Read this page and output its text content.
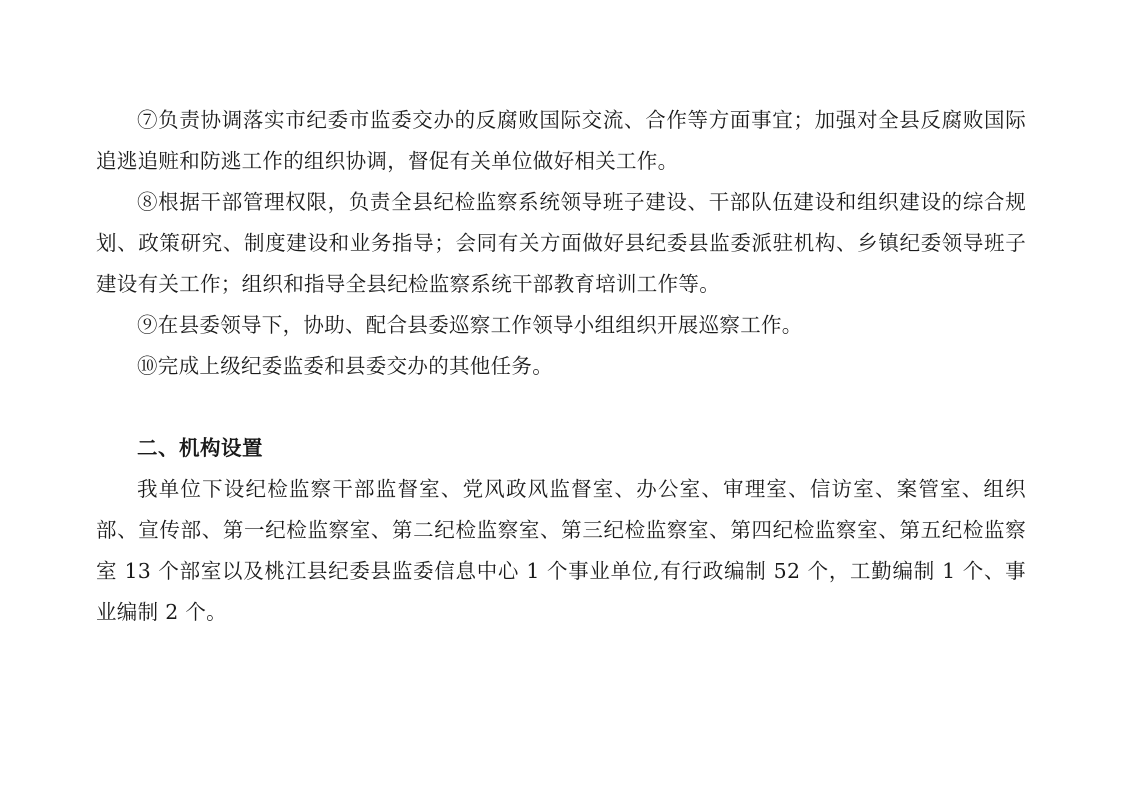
⑦负责协调落实市纪委市监委交办的反腐败国际交流、合作等方面事宜；加强对全县反腐败国际追逃追赃和防逃工作的组织协调，督促有关单位做好相关工作。

⑧根据干部管理权限，负责全县纪检监察系统领导班子建设、干部队伍建设和组织建设的综合规划、政策研究、制度建设和业务指导；会同有关方面做好县纪委县监委派驻机构、乡镇纪委领导班子建设有关工作；组织和指导全县纪检监察系统干部教育培训工作等。

⑨在县委领导下，协助、配合县委巡察工作领导小组组织开展巡察工作。

⑩完成上级纪委监委和县委交办的其他任务。

二、机构设置

我单位下设纪检监察干部监督室、党风政风监督室、办公室、审理室、信访室、案管室、组织部、宣传部、第一纪检监察室、第二纪检监察室、第三纪检监察室、第四纪检监察室、第五纪检监察室 13 个部室以及桃江县纪委县监委信息中心 1 个事业单位,有行政编制 52 个，工勤编制 1 个、事业编制 2 个。
